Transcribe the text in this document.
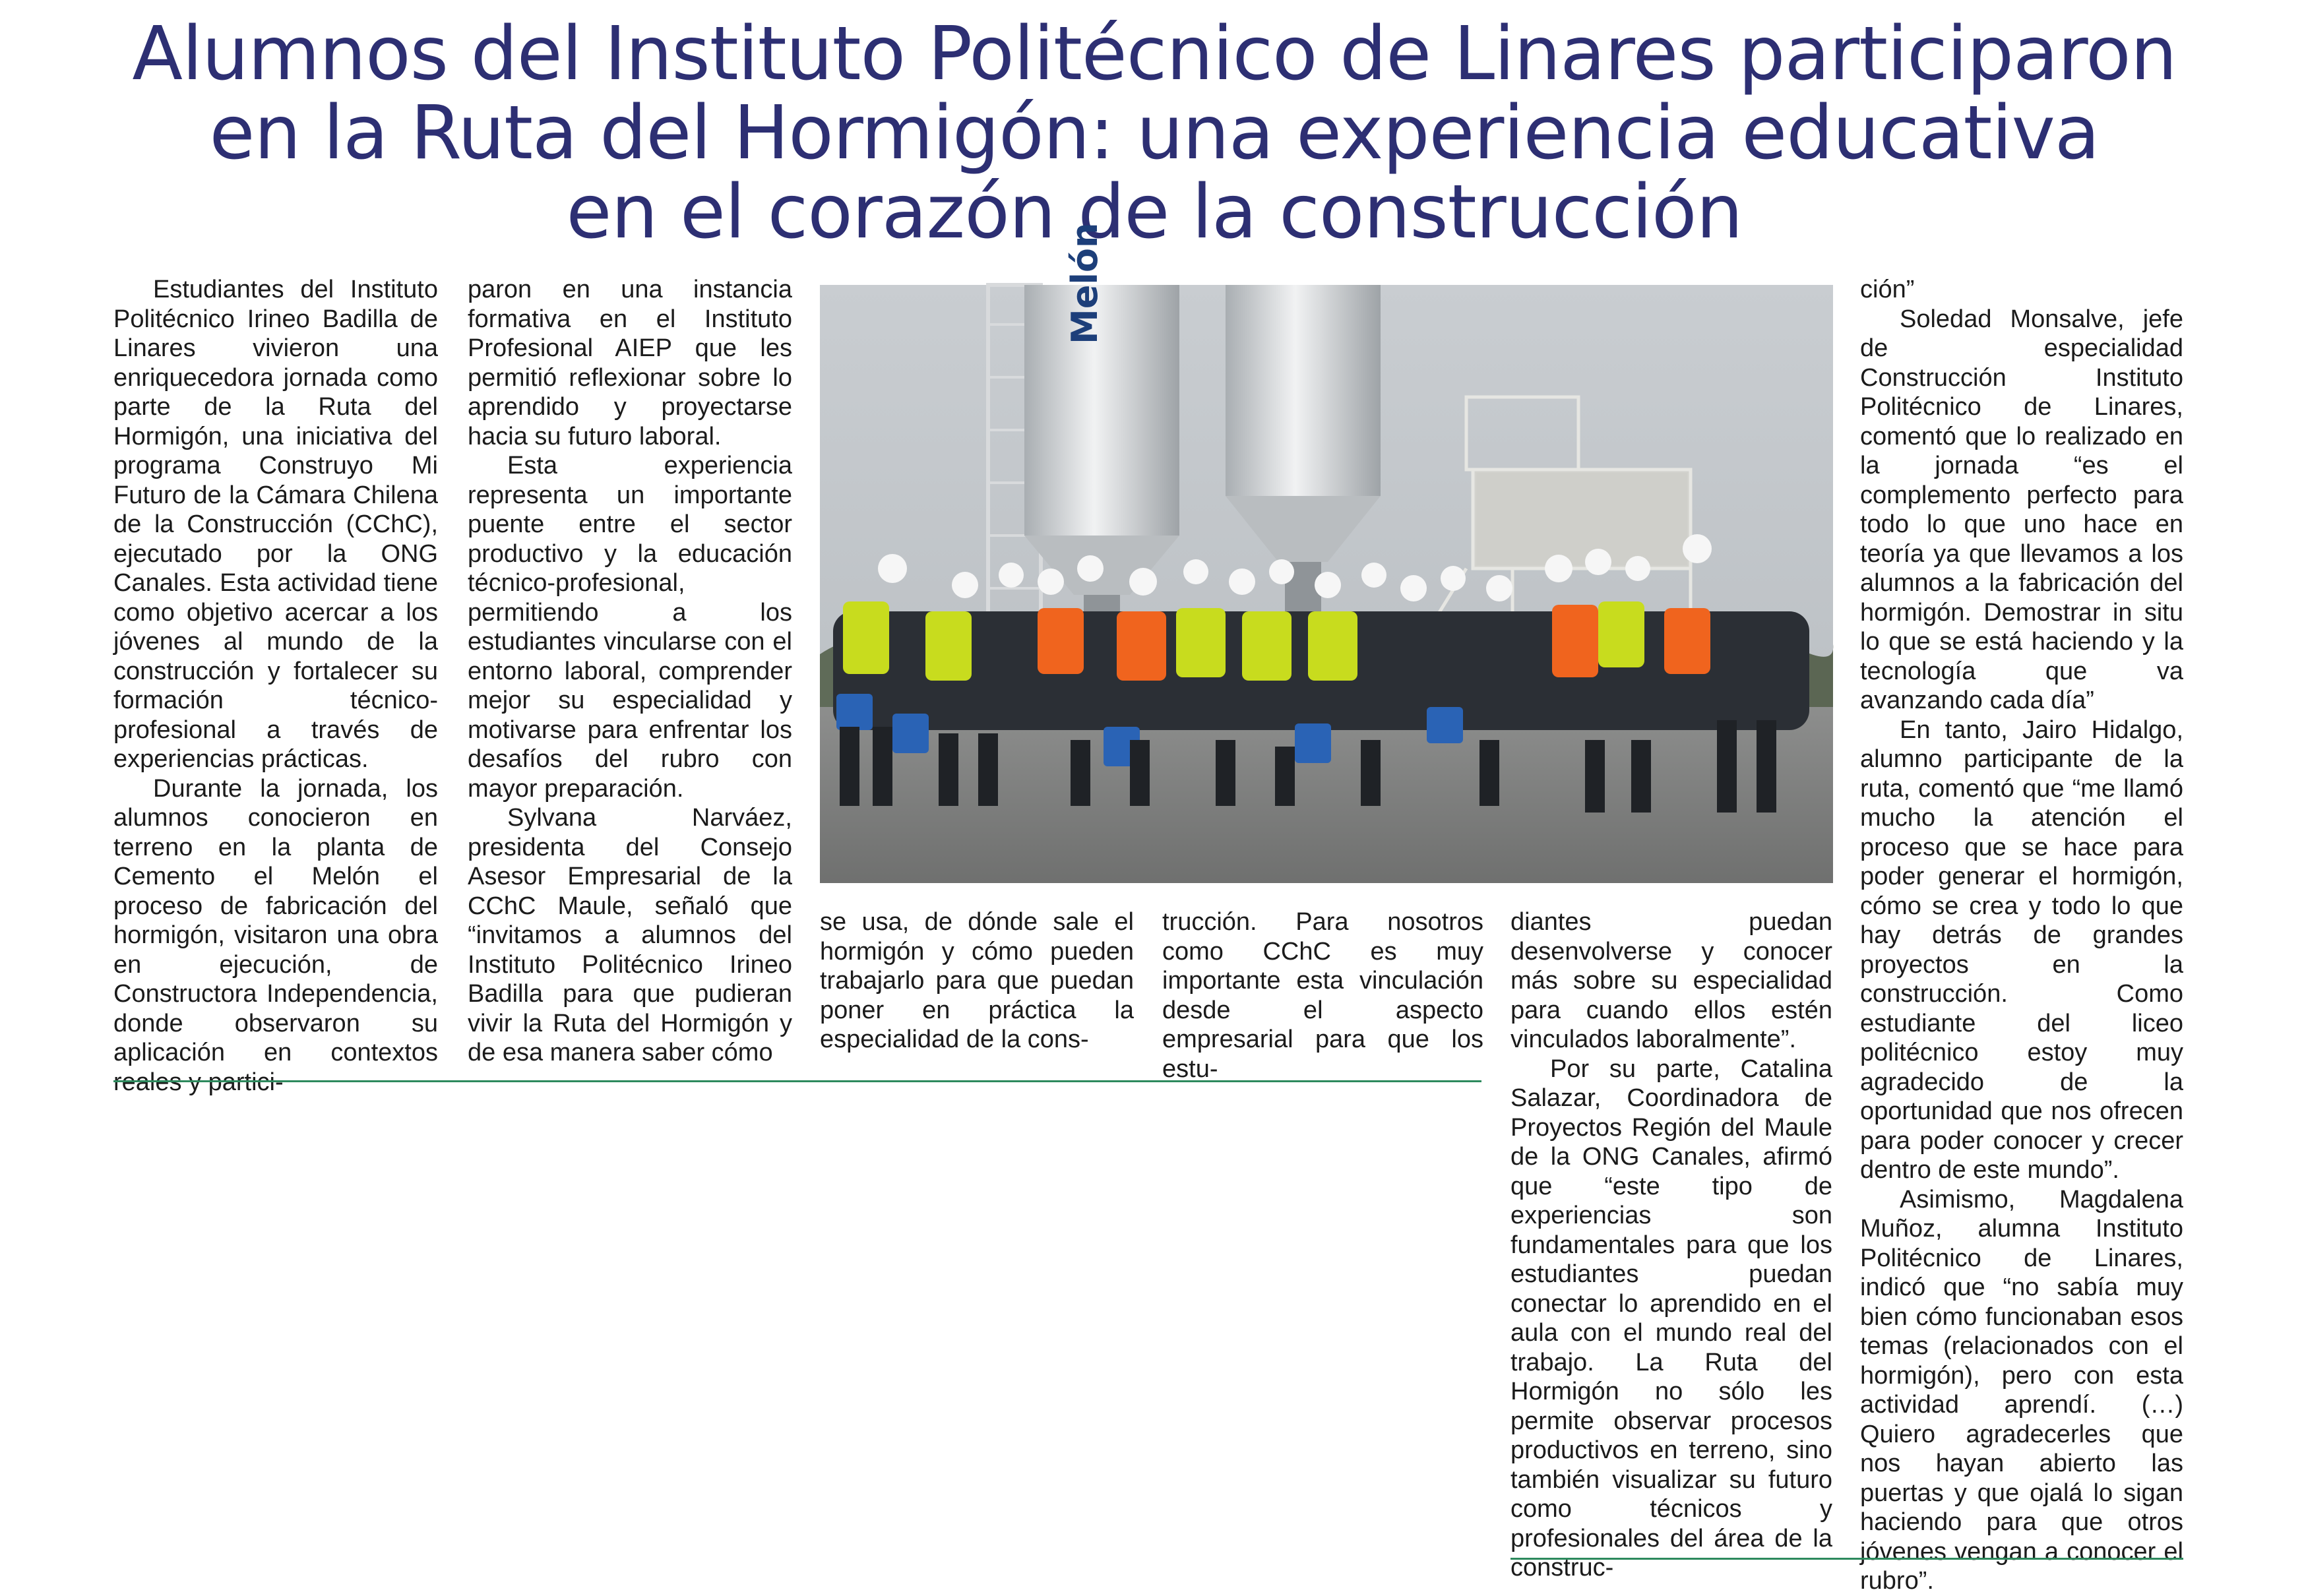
Alumnos del Instituto Politécnico de Linares participaron
en la Ruta del Hormigón: una experiencia educativa
en el corazón de la construcción

Estudiantes del Instituto Politécnico Irineo Badilla de Linares vivieron una enriquecedora jornada como parte de la Ruta del Hormigón, una iniciativa del programa Construyo Mi Futuro de la Cámara Chilena de la Construcción (CChC), ejecutado por la ONG Canales. Esta actividad tiene como objetivo acercar a los jóvenes al mundo de la construcción y fortalecer su formación técnico-profesional a través de experiencias prácticas.

Durante la jornada, los alumnos conocieron en terreno en la planta de Cemento el Melón el proceso de fabricación del hormigón, visitaron una obra en ejecución, de Constructora Independencia, donde observaron su aplicación en contextos reales y partici-

paron en una instancia formativa en el Instituto Profesional AIEP que les permitió reflexionar sobre lo aprendido y proyectarse hacia su futuro laboral.

Esta experiencia representa un importante puente entre el sector productivo y la educación técnico-profesional, permitiendo a los estudiantes vincularse con el entorno laboral, comprender mejor su especialidad y motivarse para enfrentar los desafíos del rubro con mayor preparación.

Sylvana Narváez, presidenta del Consejo Asesor Empresarial de la CChC Maule, señaló que “invitamos a alumnos del Instituto Politécnico Irineo Badilla para que pudieran vivir la Ruta del Hormigón y de esa manera saber cómo

Melón

se usa, de dónde sale el hormigón y cómo pueden trabajarlo para que puedan poner en práctica la especialidad de la cons-

trucción. Para nosotros como CChC es muy importante esta vinculación desde el aspecto empresarial para que los estu-

diantes puedan desenvolverse y conocer más sobre su especialidad para cuando ellos estén vinculados laboralmente”.

Por su parte, Catalina Salazar, Coordinadora de Proyectos Región del Maule de la ONG Canales, afirmó que “este tipo de experiencias son fundamentales para que los estudiantes puedan conectar lo aprendido en el aula con el mundo real del trabajo. La Ruta del Hormigón no sólo les permite observar procesos productivos en terreno, sino también visualizar su futuro como técnicos y profesionales del área de la construc-

ción”

Soledad Monsalve, jefe de especialidad Construcción Instituto Politécnico de Linares, comentó que lo realizado en la jornada “es el complemento perfecto para todo lo que uno hace en teoría ya que llevamos a los alumnos a la fabricación del hormigón. Demostrar in situ lo que se está haciendo y la tecnología que va avanzando cada día”

En tanto, Jairo Hidalgo, alumno participante de la ruta, comentó que “me llamó mucho la atención el proceso que se hace para poder generar el hormigón, cómo se crea y todo lo que hay detrás de grandes proyectos en la construcción. Como estudiante del liceo politécnico estoy muy agradecido de la oportunidad que nos ofrecen para poder conocer y crecer dentro de este mundo”.

Asimismo, Magdalena Muñoz, alumna Instituto Politécnico de Linares, indicó que “no sabía muy bien cómo funcionaban esos temas (relacionados con el hormigón), pero con esta actividad aprendí. (…) Quiero agradecerles que nos hayan abierto las puertas y que ojalá lo sigan haciendo para que otros jóvenes vengan a conocer el rubro”.
